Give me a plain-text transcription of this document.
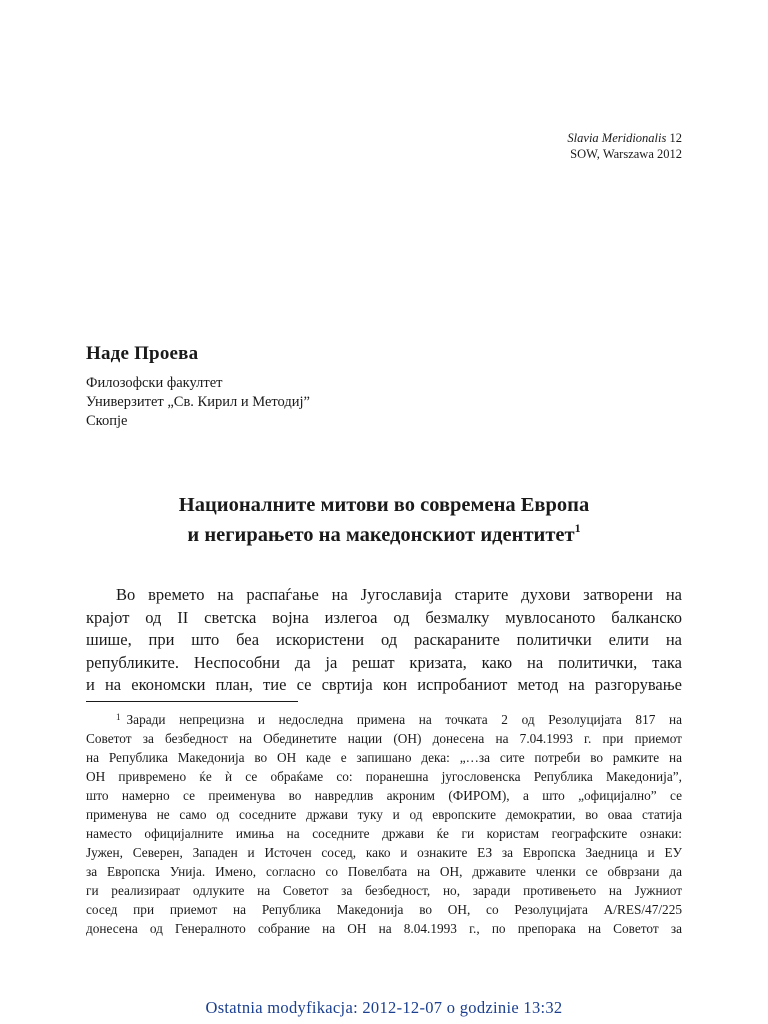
Slavia Meridionalis 12
SOW, Warszawa 2012
Наде Проева
Филозофски факултет
Универзитет „Св. Кирил и Методиј”
Скопје
Националните митови во современа Европа
и негирањето на македонскиот идентитет$^1$
Во времето на распаѓање на Југославија старите духови затворени на
крајот од II светска војна излегоа од безмалку мувлосаното балканско
шише, при што беа искористени од раскараните политички елити на
републиките. Неспособни да ја решат кризата, како на политички, така
и на економски план, тие се свртија кон испробаниот метод на разгорување
$^1$ Заради непрецизна и недоследна примена на точката 2 од Резолуцијата 817 на
Советот за безбедност на Обединетите нации (ОН) донесена на 7.04.1993 г. при приемот
на Република Македонија во ОН каде е запишано дека: „…за сите потреби во рамките на
ОН привремено ќе ѝ се обраќаме со: поранешна југословенска Република Македонија”,
што намерно се преименува во навредлив акроним (ФИРОМ), а што „официјално” се
применува не само од соседните држави туку и од европските демократии, во оваа статија
наместо официјалните имиња на соседните држави ќе ги користам географските ознаки:
Јужен, Северен, Западен и Источен сосед, како и ознаките ЕЗ за Европска Заедница и ЕУ
за Европска Унија. Имено, согласно со Повелбата на ОН, државите членки се обврзани да
ги реализираат одлуките на Советот за безбедност, но, заради противењето на Јужниот
сосед при приемот на Република Македонија во ОН, со Резолуцијата A/RES/47/225
донесена од Генералното собрание на ОН на 8.04.1993 г., по препорака на Советот за
Ostatnia modyfikacja: 2012-12-07 o godzinie 13:32
